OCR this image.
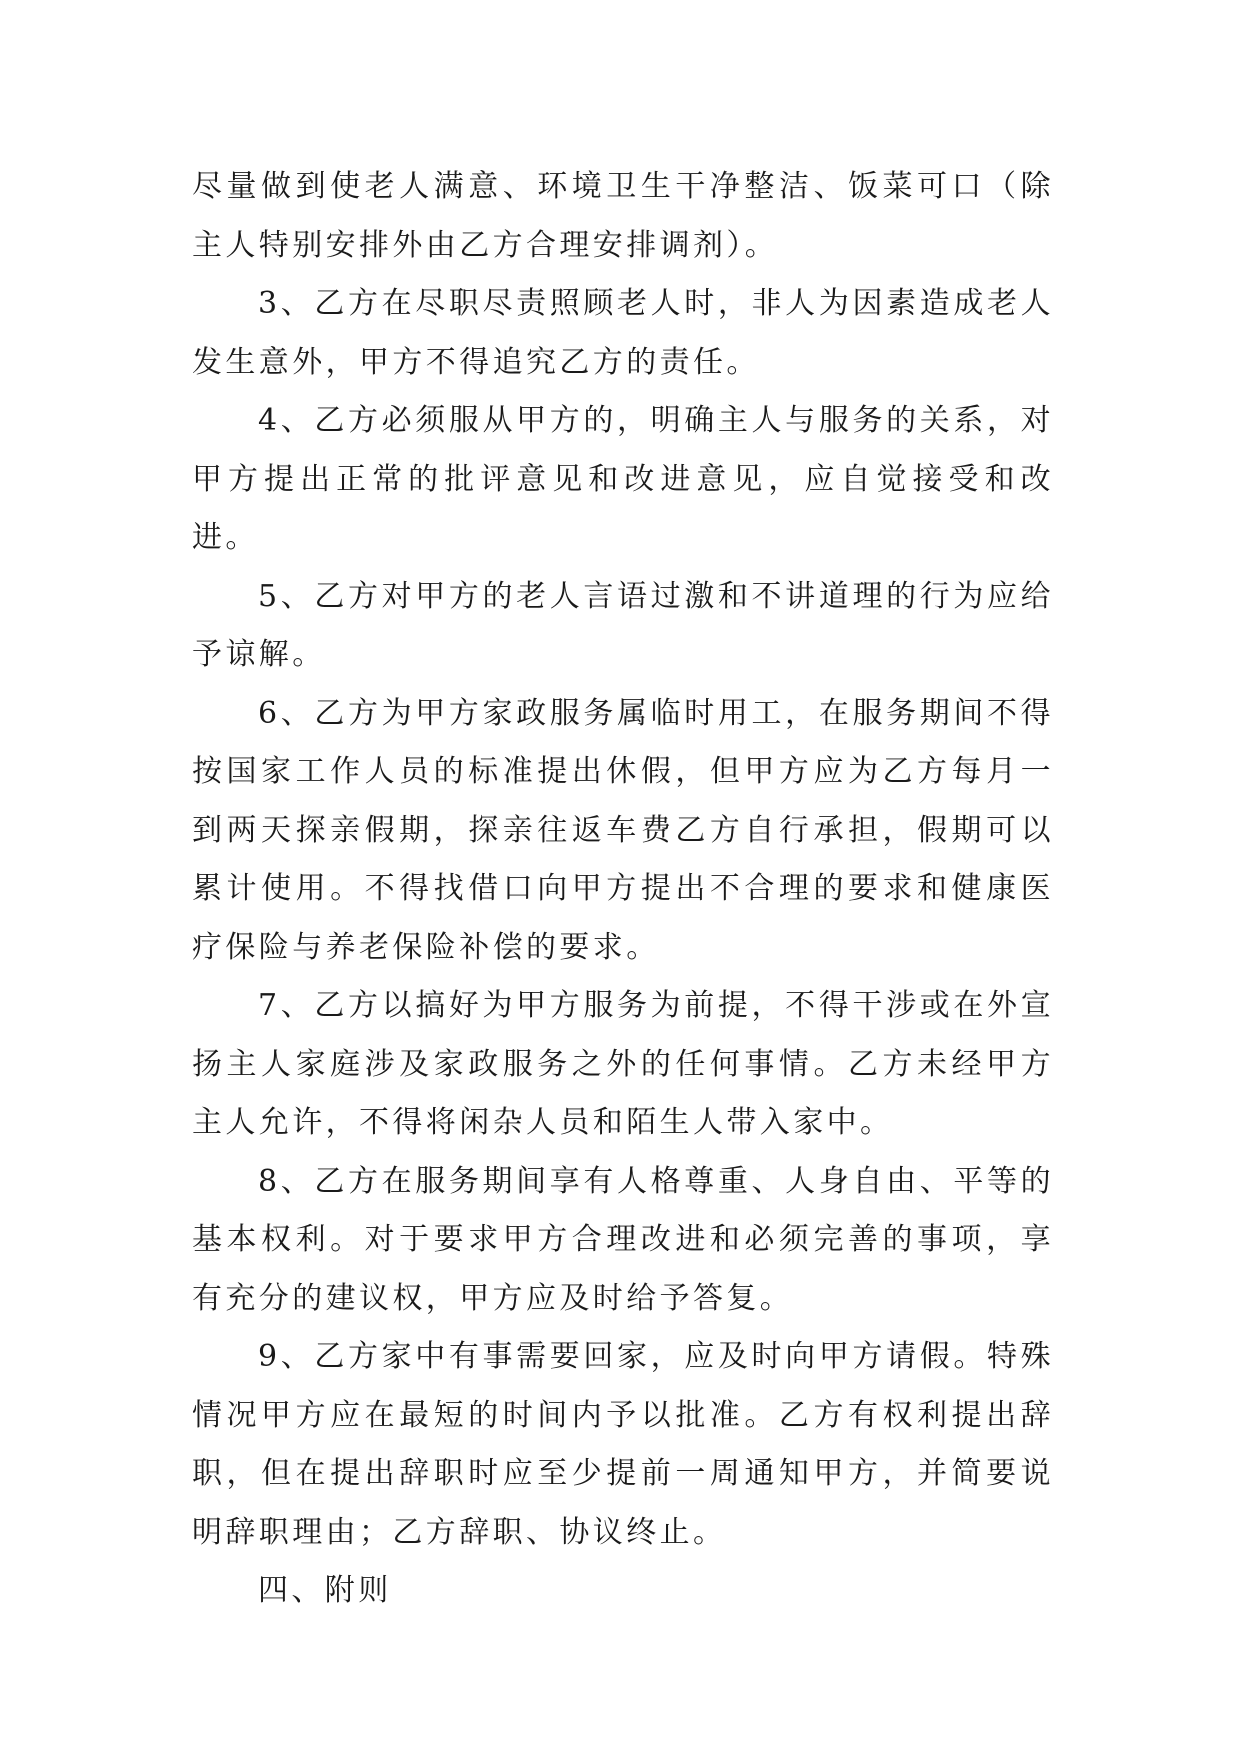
尽量做到使老人满意、环境卫生干净整洁、饭菜可口（除主人特别安排外由乙方合理安排调剂）。

3、乙方在尽职尽责照顾老人时，非人为因素造成老人发生意外，甲方不得追究乙方的责任。

4、乙方必须服从甲方的，明确主人与服务的关系，对甲方提出正常的批评意见和改进意见，应自觉接受和改进。

5、乙方对甲方的老人言语过激和不讲道理的行为应给予谅解。

6、乙方为甲方家政服务属临时用工，在服务期间不得按国家工作人员的标准提出休假，但甲方应为乙方每月一到两天探亲假期，探亲往返车费乙方自行承担，假期可以累计使用。不得找借口向甲方提出不合理的要求和健康医疗保险与养老保险补偿的要求。

7、乙方以搞好为甲方服务为前提，不得干涉或在外宣扬主人家庭涉及家政服务之外的任何事情。乙方未经甲方主人允许，不得将闲杂人员和陌生人带入家中。

8、乙方在服务期间享有人格尊重、人身自由、平等的基本权利。对于要求甲方合理改进和必须完善的事项，享有充分的建议权，甲方应及时给予答复。

9、乙方家中有事需要回家，应及时向甲方请假。特殊情况甲方应在最短的时间内予以批准。乙方有权利提出辞职，但在提出辞职时应至少提前一周通知甲方，并简要说明辞职理由；乙方辞职、协议终止。

四、附则
